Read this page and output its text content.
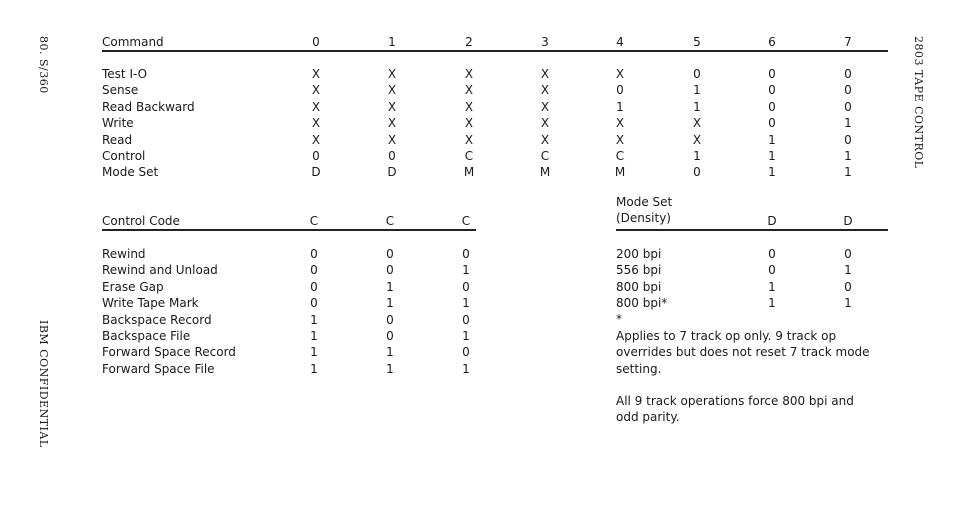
80. S/360
IBM CONFIDENTIAL
2803 TAPE CONTROL
Command	0	1	2	3	4	5	6	7
Test I-O	X	X	X	X	X	0	0	0
Sense	X	X	X	X	0	1	0	0
Read Backward	X	X	X	X	1	1	0	0
Write	X	X	X	X	X	X	0	1
Read	X	X	X	X	X	X	1	0
Control	0	0	C	C	C	1	1	1
Mode Set	D	D	M	M	M	0	1	1
Control Code	C	C	C
Rewind	0	0	0
Rewind and Unload	0	0	1
Erase Gap	0	1	0
Write Tape Mark	0	1	1
Backspace Record	1	0	0
Backspace File	1	0	1
Forward Space Record	1	1	0
Forward Space File	1	1	1
Mode Set
(Density)	D	D
200 bpi	0	0
556 bpi	0	1
800 bpi	1	0
800 bpi*	1	1
*
Applies to 7 track op only. 9 track op
overrides but does not reset 7 track mode
setting.
All 9 track operations force 800 bpi and
odd parity.
